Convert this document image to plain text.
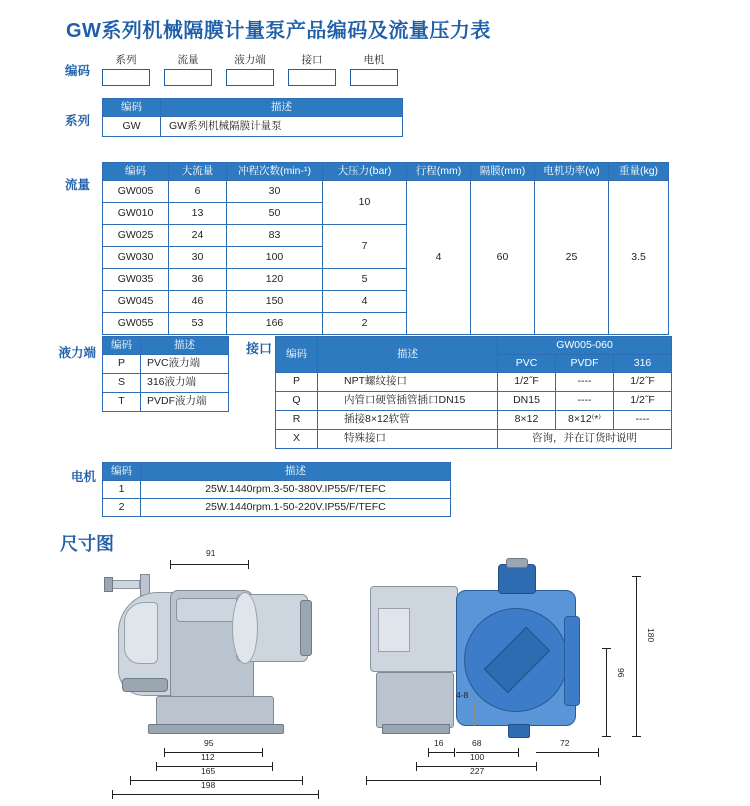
GW系列机械隔膜计量泵产品编码及流量压力表
编码
系列	流量	液力端	接口	电机
系列
编码	描述
GW	GW系列机械隔膜计量泵
流量
编码	大流量	冲程次数(min-¹)	大压力(bar)	行程(mm)	隔膜(mm)	电机功率(w)	重量(kg)
GW005	6	30	10	4	60	25	3.5
GW010	13	50					
GW025	24	83	7				
GW030	30	100					
GW035	36	120	5				
GW045	46	150	4				
GW055	53	166	2				
液力端
编码	描述
P	PVC液力端
S	316液力端
T	PVDF液力端
接口 编码	描述	GW005-060		
		PVC	PVDF	316
P	NPT螺纹接口	1/2˝F	----	1/2˝F
Q	内管口硬管插管插口DN15	DN15	----	1/2˝F
R	插接8×12软管	8×12	8×12⁽*⁾	----
X	特殊接口	咨询，并在订货时说明		
电机 编码	描述
1	25W.1440rpm.3-50-380V.IP55/F/TEFC
2	25W.1440rpm.1-50-220V.IP55/F/TEFC
尺寸图	91
95
112
165
198
180
96
4-8
16	68	72
100
227
